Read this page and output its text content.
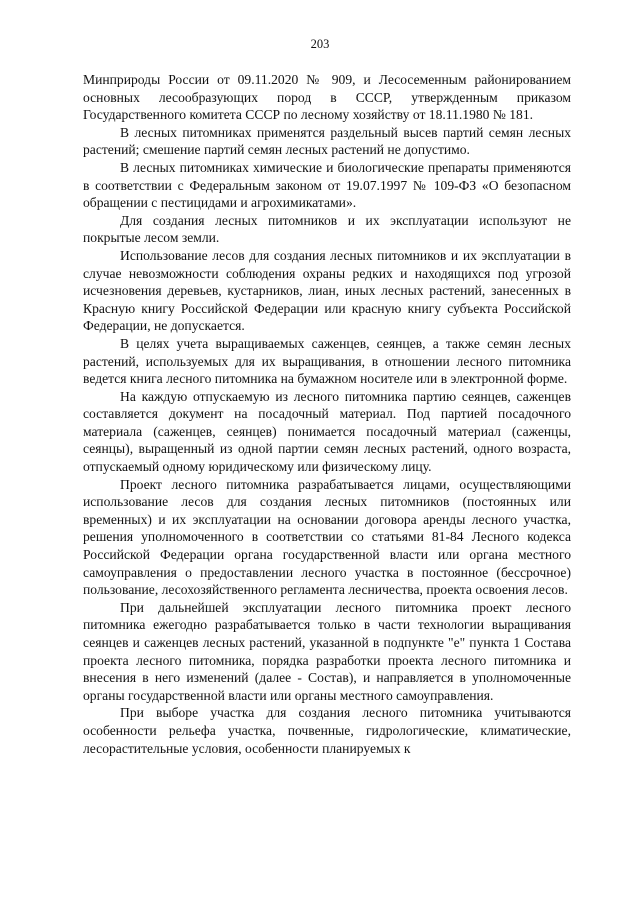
203

Минприроды России от 09.11.2020 № 909, и Лесосеменным районированием основных лесообразующих пород в СССР, утвержденным приказом Государственного комитета СССР по лесному хозяйству от 18.11.1980 № 181.

В лесных питомниках применятся раздельный высев партий семян лесных растений; смешение партий семян лесных растений не допустимо.

В лесных питомниках химические и биологические препараты применяются в соответствии с Федеральным законом от 19.07.1997 № 109-ФЗ «О безопасном обращении с пестицидами и агрохимикатами».

Для создания лесных питомников и их эксплуатации используют не покрытые лесом земли.

Использование лесов для создания лесных питомников и их эксплуатации в случае невозможности соблюдения охраны редких и находящихся под угрозой исчезновения деревьев, кустарников, лиан, иных лесных растений, занесенных в Красную книгу Российской Федерации или красную книгу субъекта Российской Федерации, не допускается.

В целях учета выращиваемых саженцев, сеянцев, а также семян лесных растений, используемых для их выращивания, в отношении лесного питомника ведется книга лесного питомника на бумажном носителе или в электронной форме.

На каждую отпускаемую из лесного питомника партию сеянцев, саженцев составляется документ на посадочный материал. Под партией посадочного материала (саженцев, сеянцев) понимается посадочный материал (саженцы, сеянцы), выращенный из одной партии семян лесных растений, одного возраста, отпускаемый одному юридическому или физическому лицу.

Проект лесного питомника разрабатывается лицами, осуществляющими использование лесов для создания лесных питомников (постоянных или временных) и их эксплуатации на основании договора аренды лесного участка, решения уполномоченного в соответствии со статьями 81-84 Лесного кодекса Российской Федерации органа государственной власти или органа местного самоуправления о предоставлении лесного участка в постоянное (бессрочное) пользование, лесохозяйственного регламента лесничества, проекта освоения лесов.

При дальнейшей эксплуатации лесного питомника проект лесного питомника ежегодно разрабатывается только в части технологии выращивания сеянцев и саженцев лесных растений, указанной в подпункте "е" пункта 1 Состава проекта лесного питомника, порядка разработки проекта лесного питомника и внесения в него изменений (далее - Состав), и направляется в уполномоченные органы государственной власти или органы местного самоуправления.

При выборе участка для создания лесного питомника учитываются особенности рельефа участка, почвенные, гидрологические, климатические, лесорастительные условия, особенности планируемых к
